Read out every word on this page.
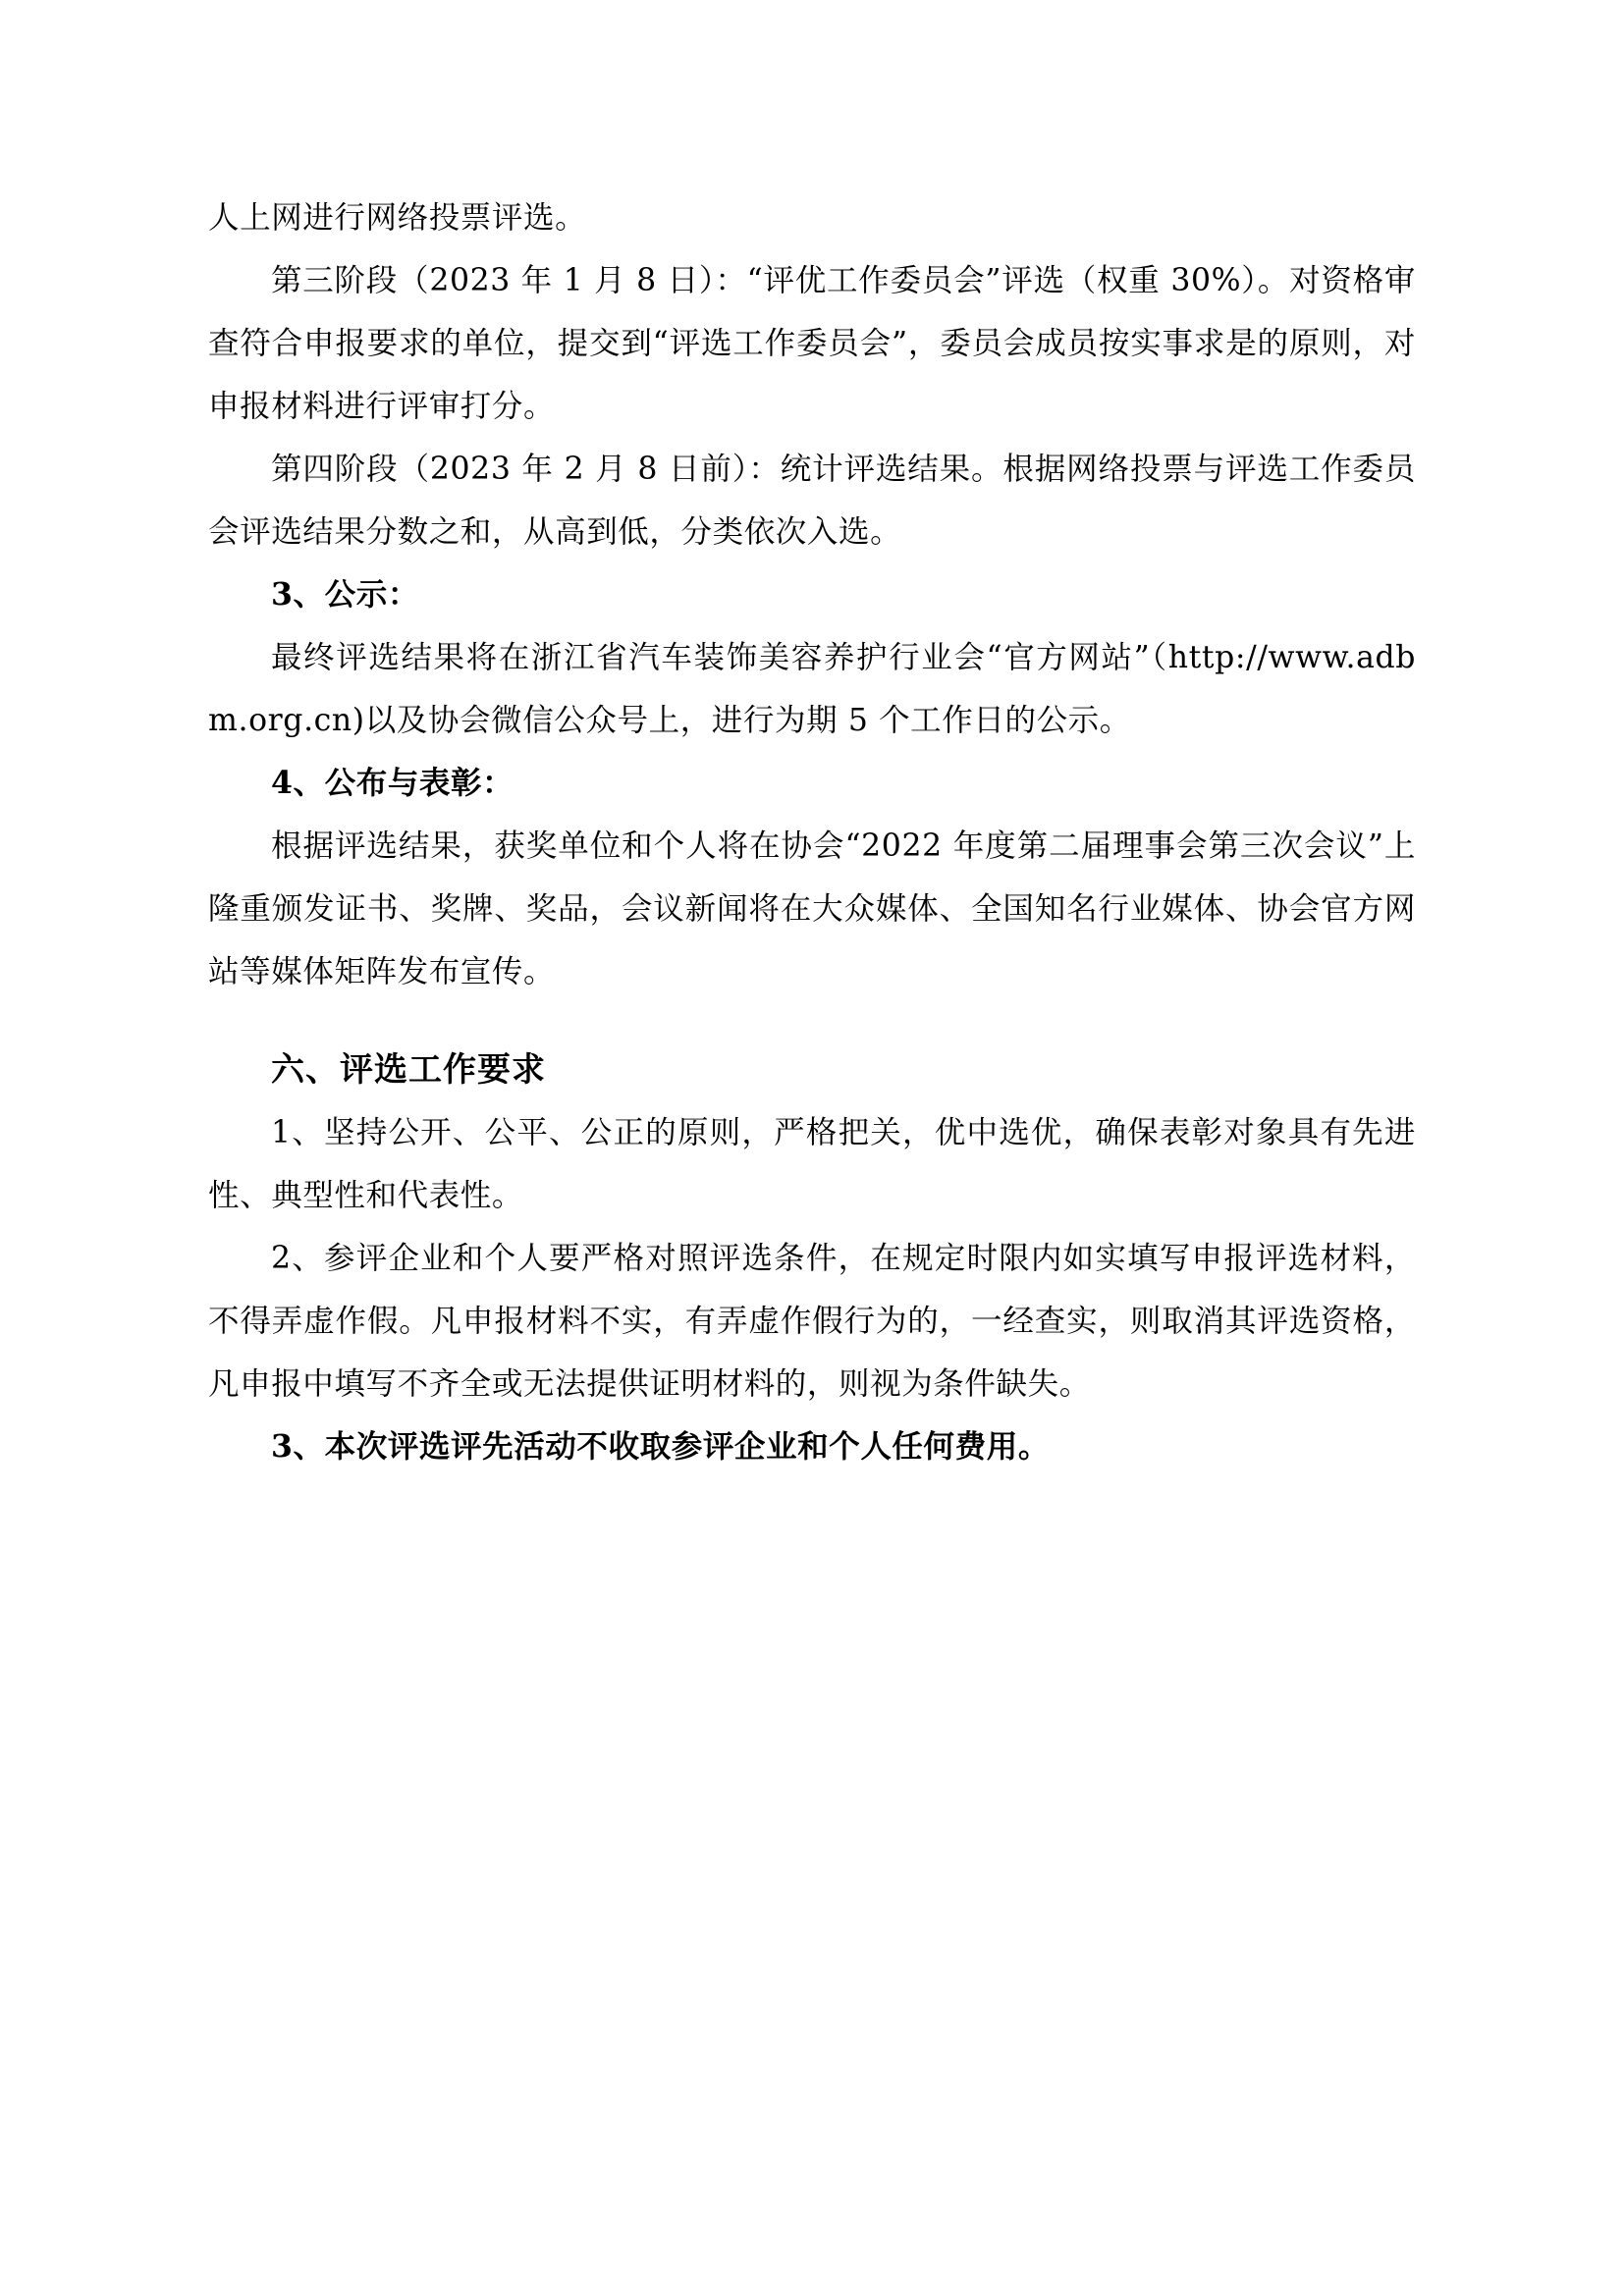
人上网进行网络投票评选。

第三阶段（2023 年 1 月 8 日）：“评优工作委员会”评选（权重 30%）。对资格审查符合申报要求的单位，提交到“评选工作委员会”，委员会成员按实事求是的原则，对申报材料进行评审打分。

第四阶段（2023 年 2 月 8 日前）：统计评选结果。根据网络投票与评选工作委员会评选结果分数之和，从高到低，分类依次入选。

3、公示：

最终评选结果将在浙江省汽车装饰美容养护行业会“官方网站”（http://www.adbm.org.cn)以及协会微信公众号上，进行为期 5 个工作日的公示。

4、公布与表彰：

根据评选结果，获奖单位和个人将在协会“2022 年度第二届理事会第三次会议”上隆重颁发证书、奖牌、奖品，会议新闻将在大众媒体、全国知名行业媒体、协会官方网站等媒体矩阵发布宣传。

六、评选工作要求

1、坚持公开、公平、公正的原则，严格把关，优中选优，确保表彰对象具有先进性、典型性和代表性。

2、参评企业和个人要严格对照评选条件，在规定时限内如实填写申报评选材料，不得弄虚作假。凡申报材料不实，有弄虚作假行为的，一经查实，则取消其评选资格，凡申报中填写不齐全或无法提供证明材料的，则视为条件缺失。

3、本次评选评先活动不收取参评企业和个人任何费用。
